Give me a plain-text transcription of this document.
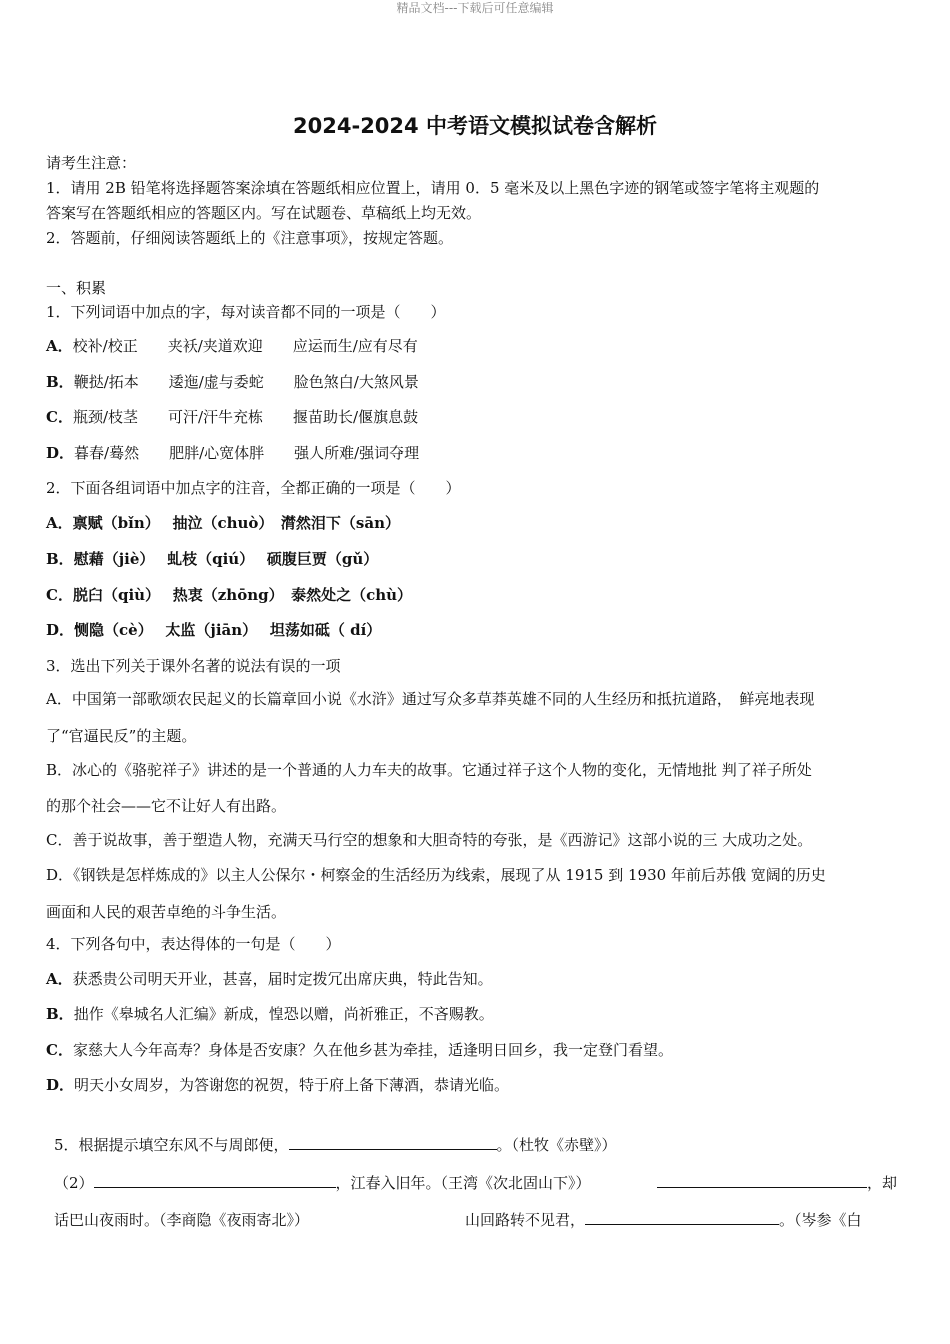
精品文档---下载后可任意编辑
2024-2024 中考语文模拟试卷含解析
请考生注意：
1．请用 2B 铅笔将选择题答案涂填在答题纸相应位置上，请用 0．5 毫米及以上黑色字迹的钢笔或签字笔将主观题的
答案写在答题纸相应的答题区内。写在试题卷、草稿纸上均无效。
2．答题前，仔细阅读答题纸上的《注意事项》，按规定答题。
一、积累
1．下列词语中加点的字，每对读音都不同的一项是（　　）
A．校补/校正　　夹袄/夹道欢迎　　应运而生/应有尽有
B．鞭挞/拓本　　逶迤/虚与委蛇　　脸色煞白/大煞风景
C．瓶颈/枝茎　　可汗/汗牛充栋　　揠苗助长/偃旗息鼓
D．暮春/蓦然　　肥胖/心宽体胖　　强人所难/强词夺理
2．下面各组词语中加点字的注音，全都正确的一项是（　　）
A．禀赋（bǐn）　 抽泣（chuò）　潸然泪下（sān）
B．慰藉（jiè）　 虬枝（qiú）　 硕腹巨贾（gǔ）
C．脱臼（qiù）　 热衷（zhōng）　泰然处之（chù）
D．恻隐（cè）　 太监（jiān）　 坦荡如砥（ dí）
3．选出下列关于课外名著的说法有误的一项
A．中国第一部歌颂农民起义的长篇章回小说《水浒》通过写众多草莽英雄不同的人生经历和抵抗道路，　鲜亮地表现
了“官逼民反”的主题。
B．冰心的《骆驼祥子》讲述的是一个普通的人力车夫的故事。它通过祥子这个人物的变化，无情地批 判了祥子所处
的那个社会——它不让好人有出路。
C．善于说故事，善于塑造人物，充满天马行空的想象和大胆奇特的夸张，是《西游记》这部小说的三 大成功之处。
D．《钢铁是怎样炼成的》以主人公保尔・柯察金的生活经历为线索，展现了从 1915 到 1930 年前后苏俄 宽阔的历史
画面和人民的艰苦卓绝的斗争生活。
4．下列各句中，表达得体的一句是（　　）
A．获悉贵公司明天开业，甚喜，届时定拨冗出席庆典，特此告知。
B．拙作《皋城名人汇编》新成，惶恐以赠，尚祈雅正，不吝赐教。
C．家慈大人今年高寿？身体是否安康？久在他乡甚为牵挂，适逢明日回乡，我一定登门看望。
D．明天小女周岁，为答谢您的祝贺，特于府上备下薄酒，恭请光临。
5．根据提示填空东风不与周郎便，	。（杜牧《赤壁》）
（2）	，江春入旧年。（王湾《次北固山下》）	，却
话巴山夜雨时。（李商隐《夜雨寄北》）	山回路转不见君，	。（岑参《白
